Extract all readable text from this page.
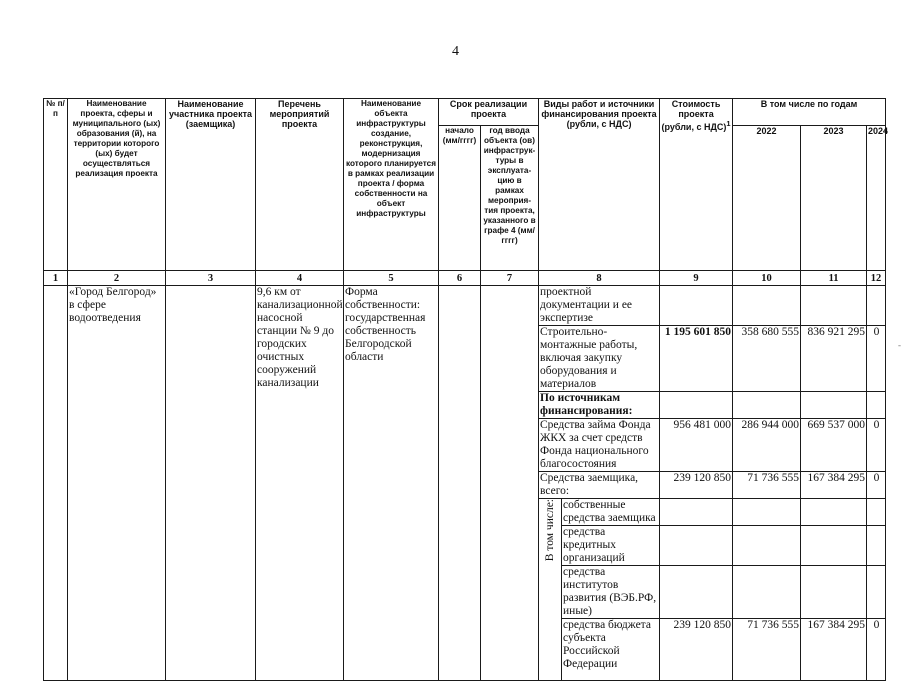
4
-
№ п/п	Наименование проекта, сферы и муниципального (ых) образования (й), на территории которого (ых) будет осуществляться реализация проекта	Наименование участника проекта (заемщика)	Перечень мероприятий проекта	Наименование объекта инфраструктуры создание, реконструкция, модернизация которого планируется в рамках реализации проекта / форма собственности на объект инфраструктуры	Срок реализации проекта		Виды работ и источники финансирования проекта (рубли, с НДС)		Стоимость проекта (рубли, с НДС)$^1$	В том числе по годам		
					начало (мм/гггг)	год ввода объекта (ов) инфраструк-туры в эксплуата-цию в рамках мероприя-тия проекта, указанного в графе 4 (мм/гггг)				2022	2023	2024
1	2	3	4	5	6	7	8		9	10	11	12
	«Город Белгород» в сфере водоотведения		9,6 км от канализационной насосной станции № 9 до городских очистных сооружений канализации	Форма собственности: государственная собственность Белгородской области			проектной документации и ее экспертизе					
							Строительно-монтажные работы, включая закупку оборудования и материалов		1 195 601 850	358 680 555	836 921 295	0
							По источникам финансирования:					
							Средства займа Фонда ЖКХ за счет средств Фонда национального благосостояния		956 481 000	286 944 000	669 537 000	0
							Средства заемщика, всего:		239 120 850	71 736 555	167 384 295	0
							В том числе:	собственные средства заемщика				
								средства кредитных организаций				
								средства институтов развития (ВЭБ.РФ, иные)				
								средства бюджета субъекта Российской Федерации	239 120 850	71 736 555	167 384 295	0
